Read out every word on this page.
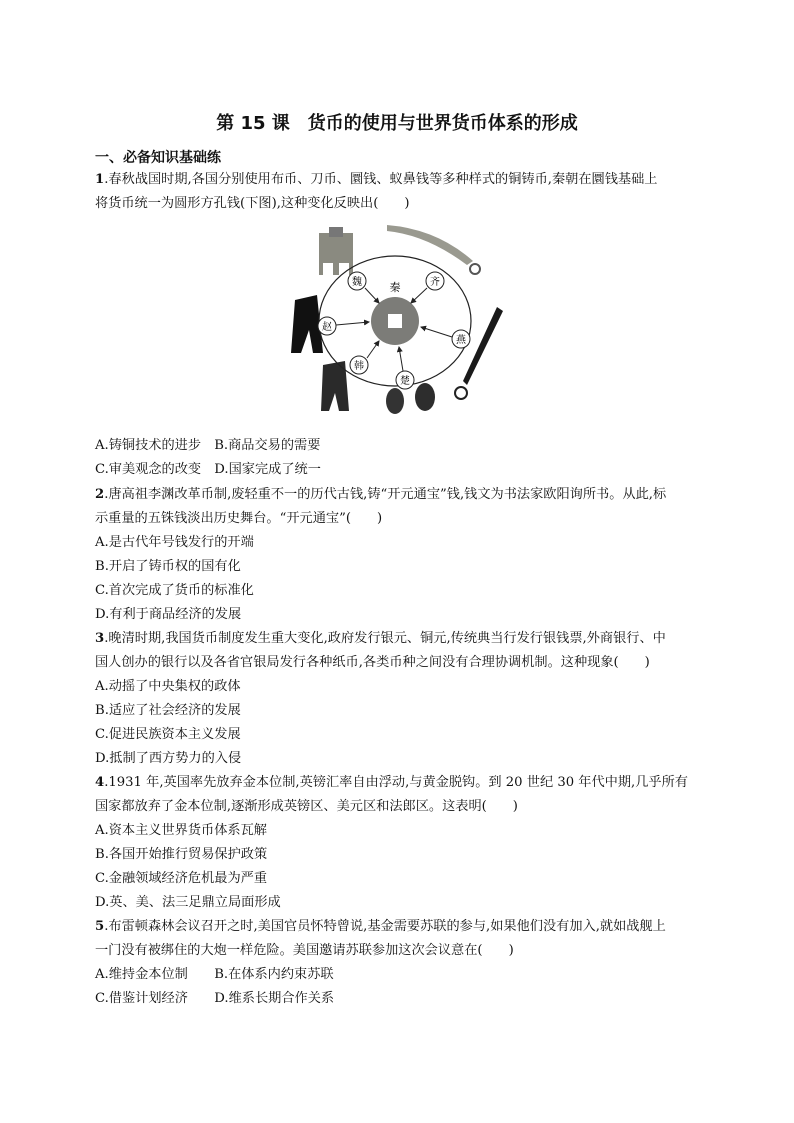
第 15 课　货币的使用与世界货币体系的形成
一、必备知识基础练
1.春秋战国时期,各国分别使用布币、刀币、圜钱、蚁鼻钱等多种样式的铜铸币,秦朝在圜钱基础上
将货币统一为圆形方孔钱(下图),这种变化反映出( )
秦
魏	齐
燕
楚
韩
赵
A.铸铜技术的进步　B.商品交易的需要
C.审美观念的改变　D.国家完成了统一
2.唐高祖李渊改革币制,废轻重不一的历代古钱,铸“开元通宝”钱,钱文为书法家欧阳询所书。从此,标
示重量的五铢钱淡出历史舞台。“开元通宝”( )
A.是古代年号钱发行的开端
B.开启了铸币权的国有化
C.首次完成了货币的标准化
D.有利于商品经济的发展
3.晚清时期,我国货币制度发生重大变化,政府发行银元、铜元,传统典当行发行银钱票,外商银行、中
国人创办的银行以及各省官银局发行各种纸币,各类币种之间没有合理协调机制。这种现象( )
A.动摇了中央集权的政体
B.适应了社会经济的发展
C.促进民族资本主义发展
D.抵制了西方势力的入侵
4.1931 年,英国率先放弃金本位制,英镑汇率自由浮动,与黄金脱钩。到 20 世纪 30 年代中期,几乎所有
国家都放弃了金本位制,逐渐形成英镑区、美元区和法郎区。这表明( )
A.资本主义世界货币体系瓦解
B.各国开始推行贸易保护政策
C.金融领域经济危机最为严重
D.英、美、法三足鼎立局面形成
5.布雷顿森林会议召开之时,美国官员怀特曾说,基金需要苏联的参与,如果他们没有加入,就如战舰上
一门没有被绑住的大炮一样危险。美国邀请苏联参加这次会议意在( )
A.维持金本位制　　B.在体系内约束苏联
C.借鉴计划经济　　D.维系长期合作关系
